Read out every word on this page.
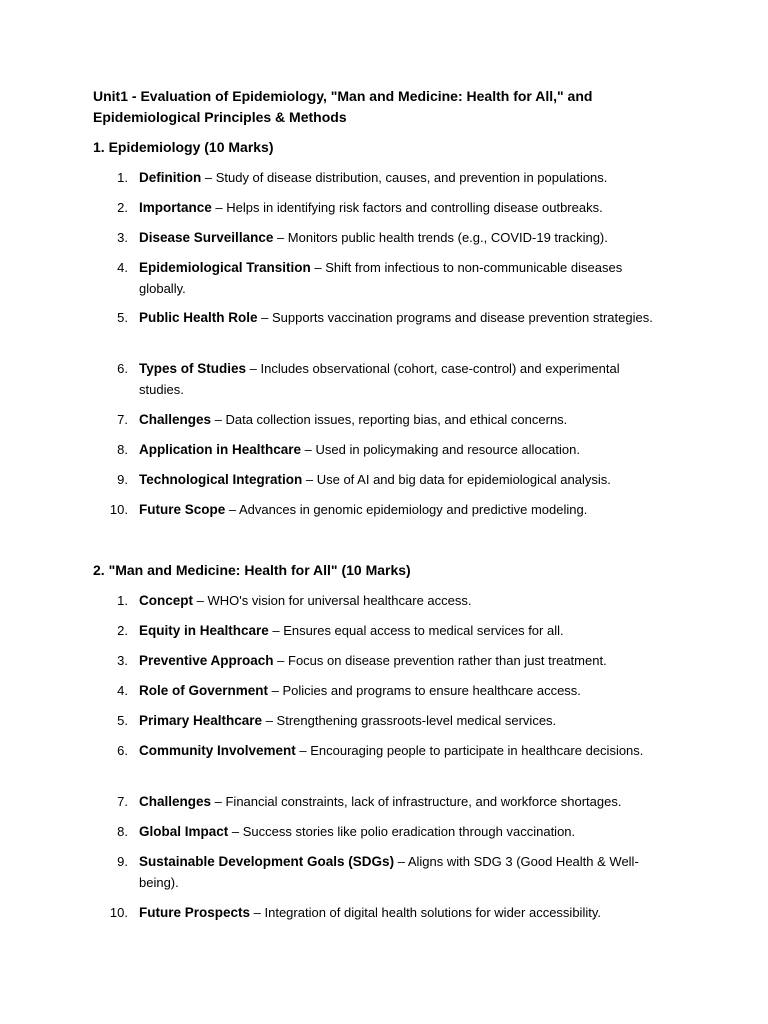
Unit1 - Evaluation of Epidemiology, "Man and Medicine: Health for All," and Epidemiological Principles & Methods
1. Epidemiology (10 Marks)
1. Definition – Study of disease distribution, causes, and prevention in populations.
2. Importance – Helps in identifying risk factors and controlling disease outbreaks.
3. Disease Surveillance – Monitors public health trends (e.g., COVID-19 tracking).
4. Epidemiological Transition – Shift from infectious to non-communicable diseases globally.
5. Public Health Role – Supports vaccination programs and disease prevention strategies.
6. Types of Studies – Includes observational (cohort, case-control) and experimental studies.
7. Challenges – Data collection issues, reporting bias, and ethical concerns.
8. Application in Healthcare – Used in policymaking and resource allocation.
9. Technological Integration – Use of AI and big data for epidemiological analysis.
10. Future Scope – Advances in genomic epidemiology and predictive modeling.
2. "Man and Medicine: Health for All" (10 Marks)
1. Concept – WHO's vision for universal healthcare access.
2. Equity in Healthcare – Ensures equal access to medical services for all.
3. Preventive Approach – Focus on disease prevention rather than just treatment.
4. Role of Government – Policies and programs to ensure healthcare access.
5. Primary Healthcare – Strengthening grassroots-level medical services.
6. Community Involvement – Encouraging people to participate in healthcare decisions.
7. Challenges – Financial constraints, lack of infrastructure, and workforce shortages.
8. Global Impact – Success stories like polio eradication through vaccination.
9. Sustainable Development Goals (SDGs) – Aligns with SDG 3 (Good Health & Well-being).
10. Future Prospects – Integration of digital health solutions for wider accessibility.
